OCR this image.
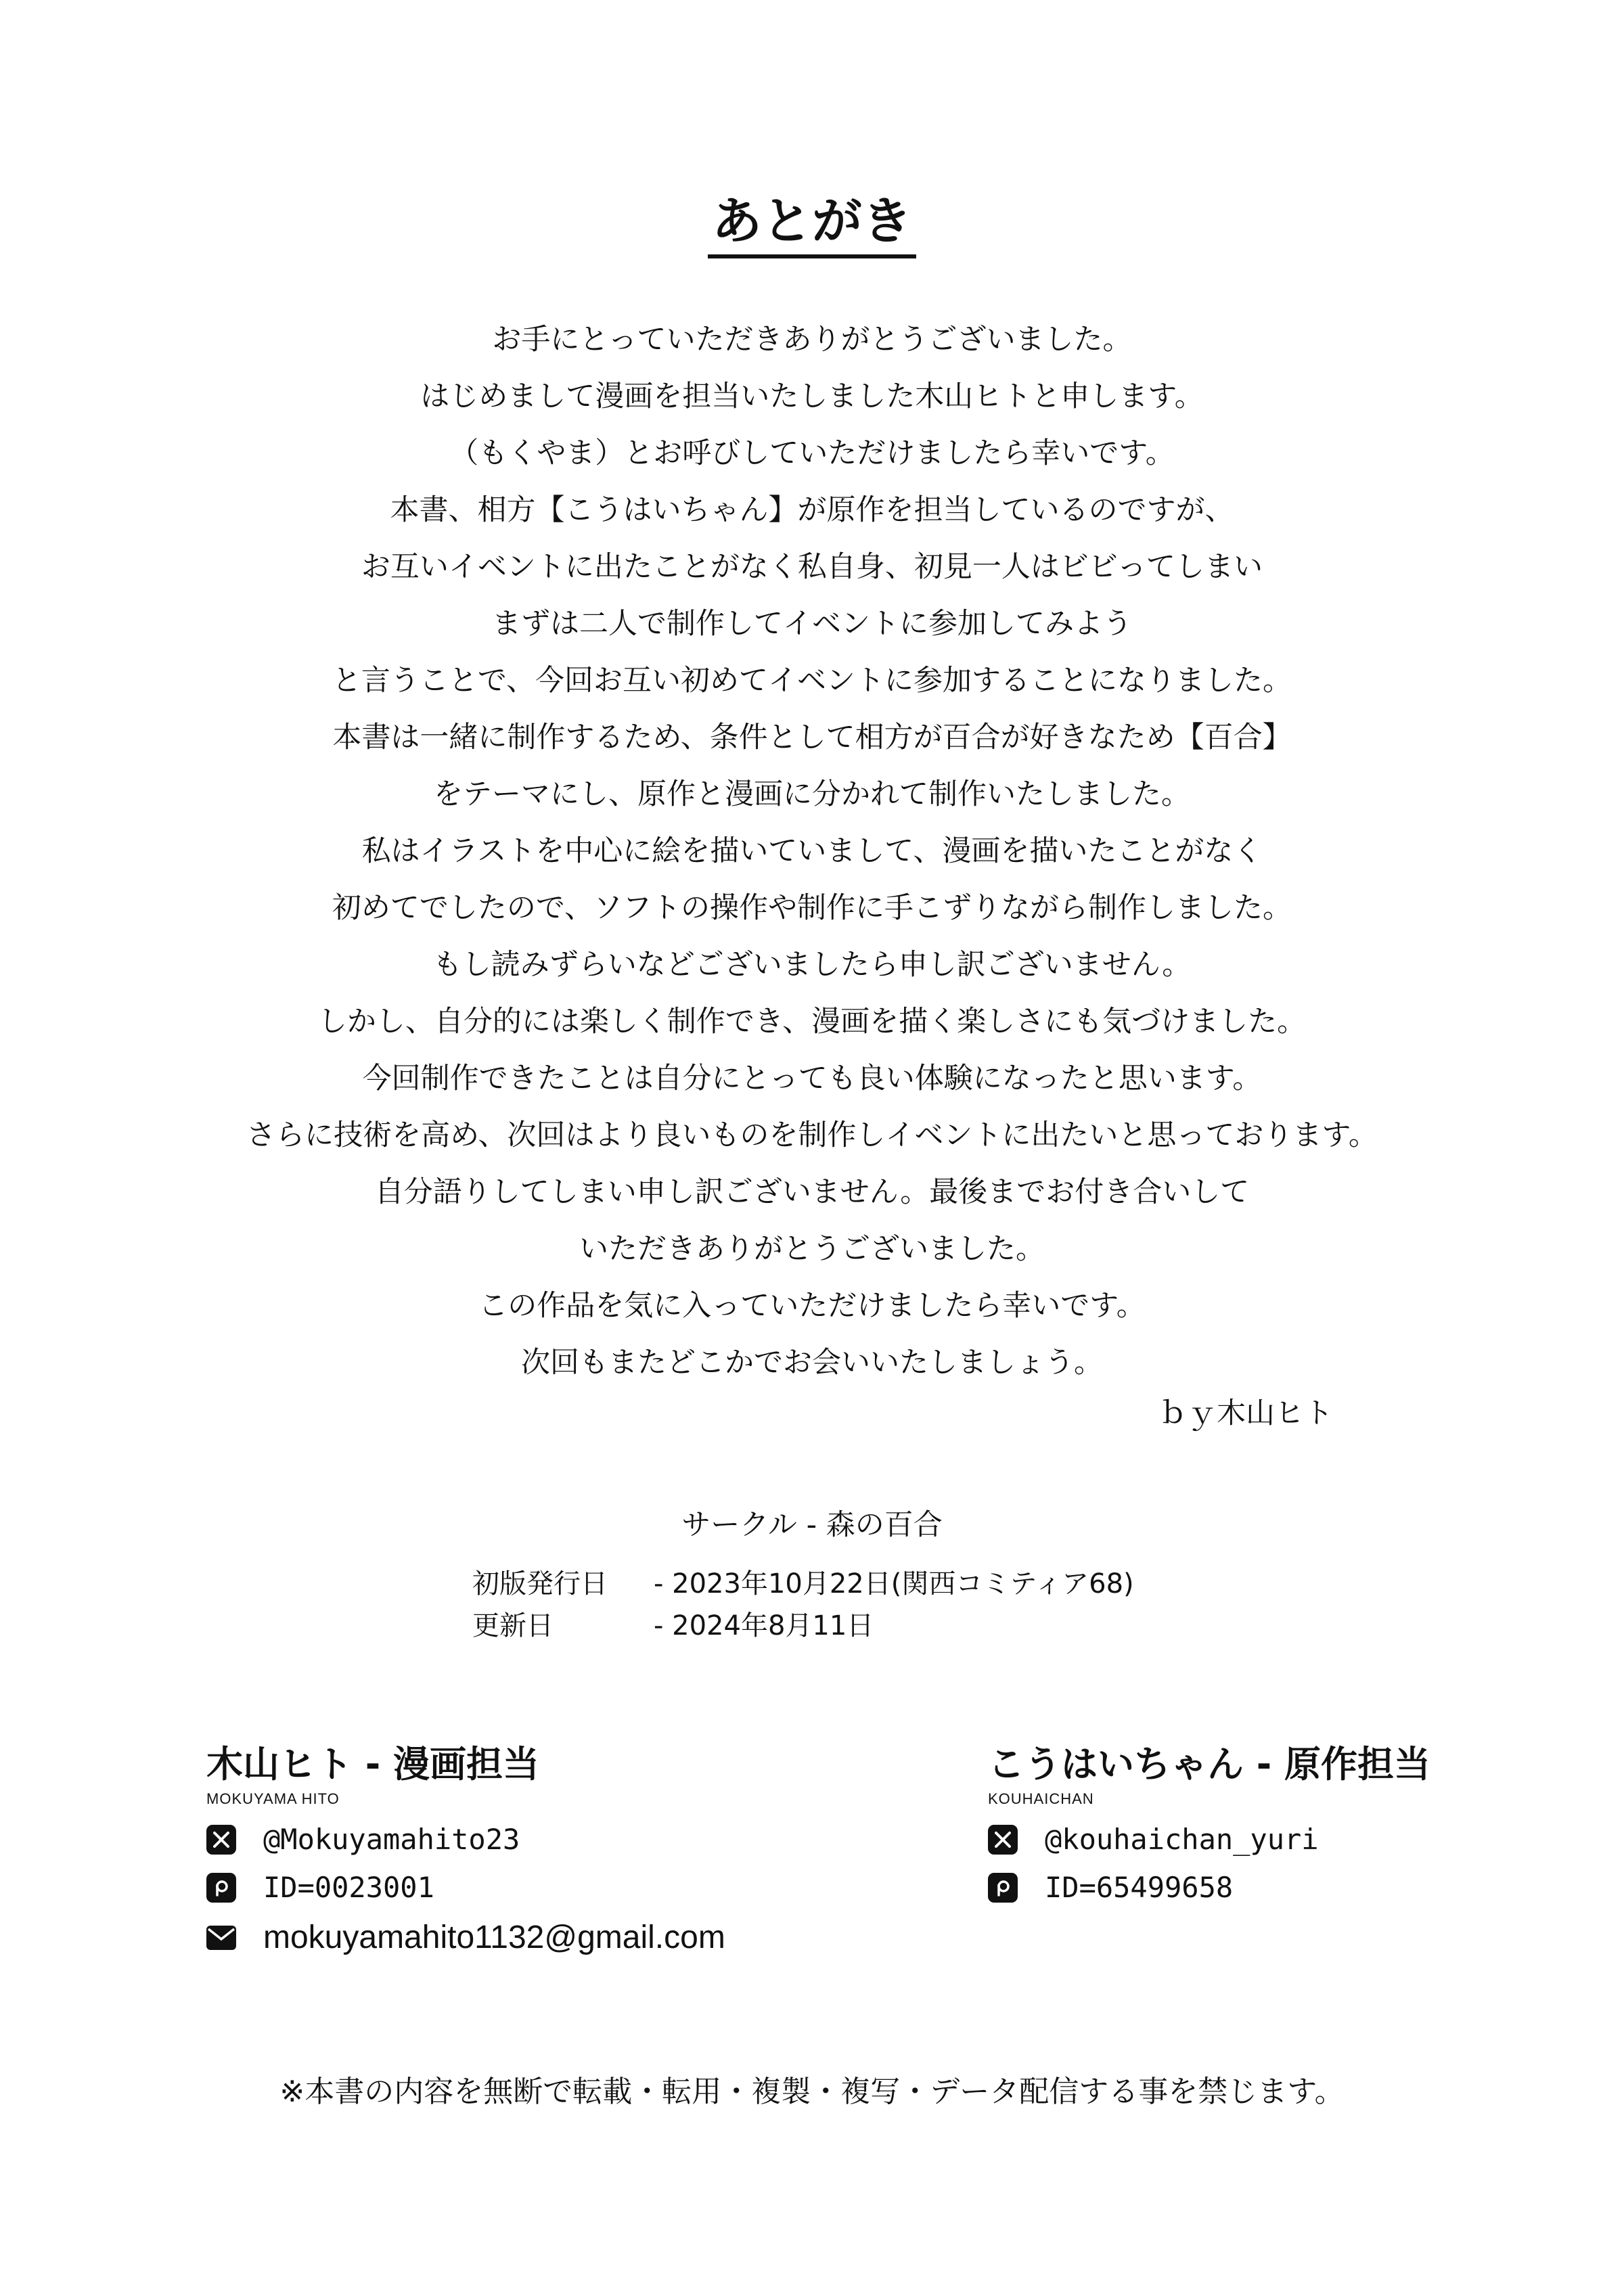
あとがき
お手にとっていただきありがとうございました。
はじめまして漫画を担当いたしました木山ヒトと申します。
（もくやま）とお呼びしていただけましたら幸いです。
本書、相方【こうはいちゃん】が原作を担当しているのですが、
お互いイベントに出たことがなく私自身、初見一人はビビってしまい
まずは二人で制作してイベントに参加してみよう
と言うことで、今回お互い初めてイベントに参加することになりました。
本書は一緒に制作するため、条件として相方が百合が好きなため【百合】
をテーマにし、原作と漫画に分かれて制作いたしました。
私はイラストを中心に絵を描いていまして、漫画を描いたことがなく
初めてでしたので、ソフトの操作や制作に手こずりながら制作しました。
もし読みずらいなどございましたら申し訳ございません。
しかし、自分的には楽しく制作でき、漫画を描く楽しさにも気づけました。
今回制作できたことは自分にとっても良い体験になったと思います。
さらに技術を高め、次回はより良いものを制作しイベントに出たいと思っております。
自分語りしてしまい申し訳ございません。最後までお付き合いして
いただきありがとうございました。
この作品を気に入っていただけましたら幸いです。
次回もまたどこかでお会いいたしましょう。
ｂｙ木山ヒト
サークル - 森の百合
初版発行日 - 2023年10月22日(関西コミティア68)
更新日	- 2024年8月11日
木山ヒト - 漫画担当
MOKUYAMA HITO
@Mokuyamahito23
ID=0023001
mokuyamahito1132@gmail.com
こうはいちゃん - 原作担当
KOUHAICHAN
@kouhaichan_yuri
ID=65499658
※本書の内容を無断で転載・転用・複製・複写・データ配信する事を禁じます。
